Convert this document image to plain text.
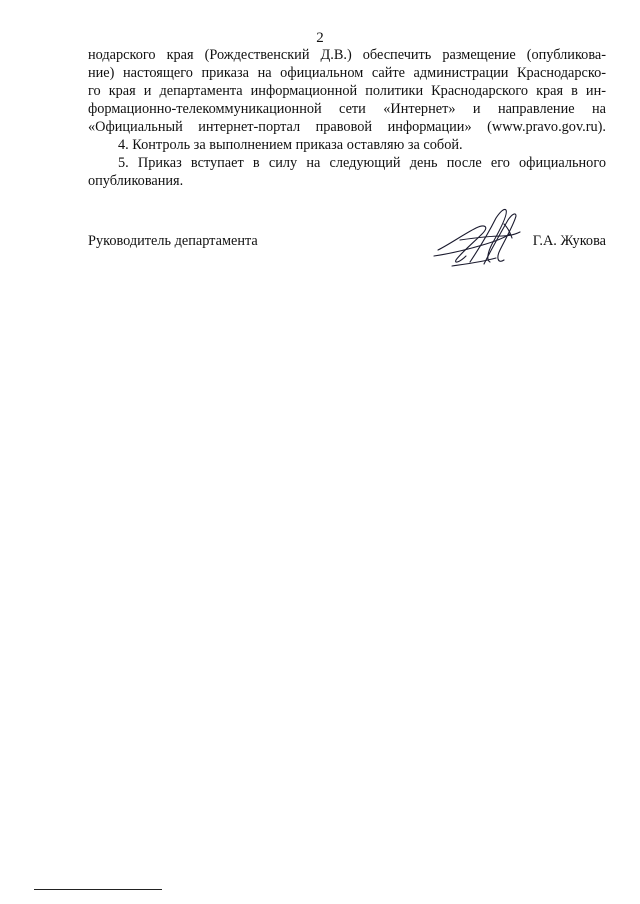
2
нодарского края (Рождественский Д.В.) обеспечить размещение (опубликова-
ние) настоящего приказа на официальном сайте администрации Краснодарско-
го края и департамента информационной политики Краснодарского края в ин-
формационно-телекоммуникационной сети «Интернет» и направление на
«Официальный интернет-портал правовой информации» (www.pravo.gov.ru).
4. Контроль за выполнением приказа оставляю за собой.
5. Приказ вступает в силу на следующий день после его официального
опубликования.
Руководитель департамента	Г.А. Жукова
